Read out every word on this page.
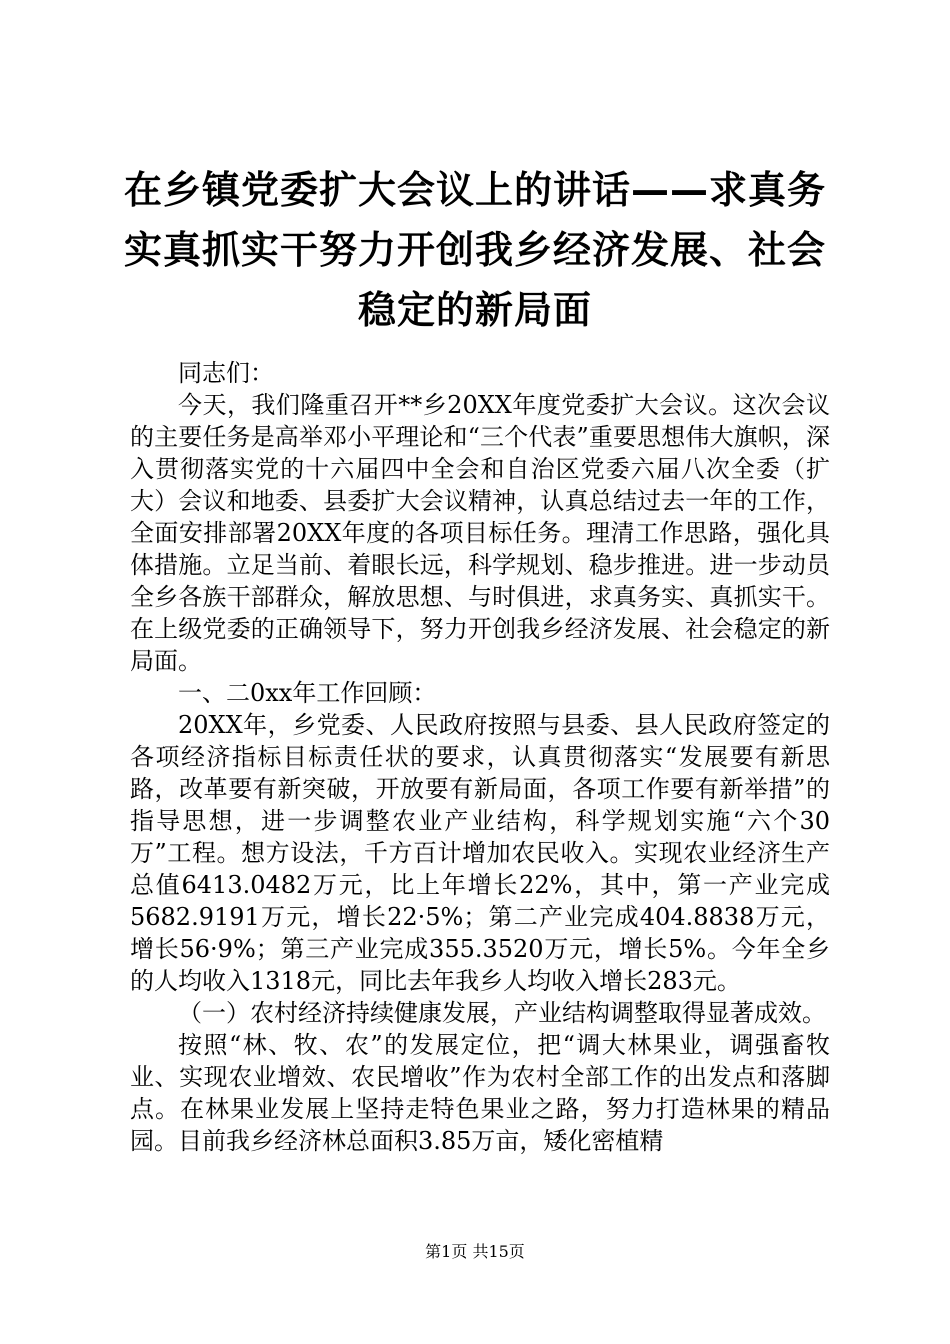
在乡镇党委扩大会议上的讲话——求真务实真抓实干努力开创我乡经济发展、社会稳定的新局面

同志们：

今天，我们隆重召开**乡20XX年度党委扩大会议。这次会议的主要任务是高举邓小平理论和“三个代表”重要思想伟大旗帜，深入贯彻落实党的十六届四中全会和自治区党委六届八次全委（扩大）会议和地委、县委扩大会议精神，认真总结过去一年的工作，全面安排部署20XX年度的各项目标任务。理清工作思路，强化具体措施。立足当前、着眼长远，科学规划、稳步推进。进一步动员全乡各族干部群众，解放思想、与时俱进，求真务实、真抓实干。在上级党委的正确领导下，努力开创我乡经济发展、社会稳定的新局面。

一、二0xx年工作回顾：

20XX年，乡党委、人民政府按照与县委、县人民政府签定的各项经济指标目标责任状的要求，认真贯彻落实“发展要有新思路，改革要有新突破，开放要有新局面，各项工作要有新举措”的指导思想，进一步调整农业产业结构，科学规划实施“六个30万”工程。想方设法，千方百计增加农民收入。实现农业经济生产总值6413.0482万元，比上年增长22%，其中，第一产业完成5682.9191万元，增长22·5%；第二产业完成404.8838万元，增长56·9%；第三产业完成355.3520万元，增长5%。今年全乡的人均收入1318元，同比去年我乡人均收入增长283元。

（一）农村经济持续健康发展，产业结构调整取得显著成效。

按照“林、牧、农”的发展定位，把“调大林果业，调强畜牧业、实现农业增效、农民增收”作为农村全部工作的出发点和落脚点。在林果业发展上坚持走特色果业之路，努力打造林果的精品园。目前我乡经济林总面积3.85万亩，矮化密植精

第1页 共15页
